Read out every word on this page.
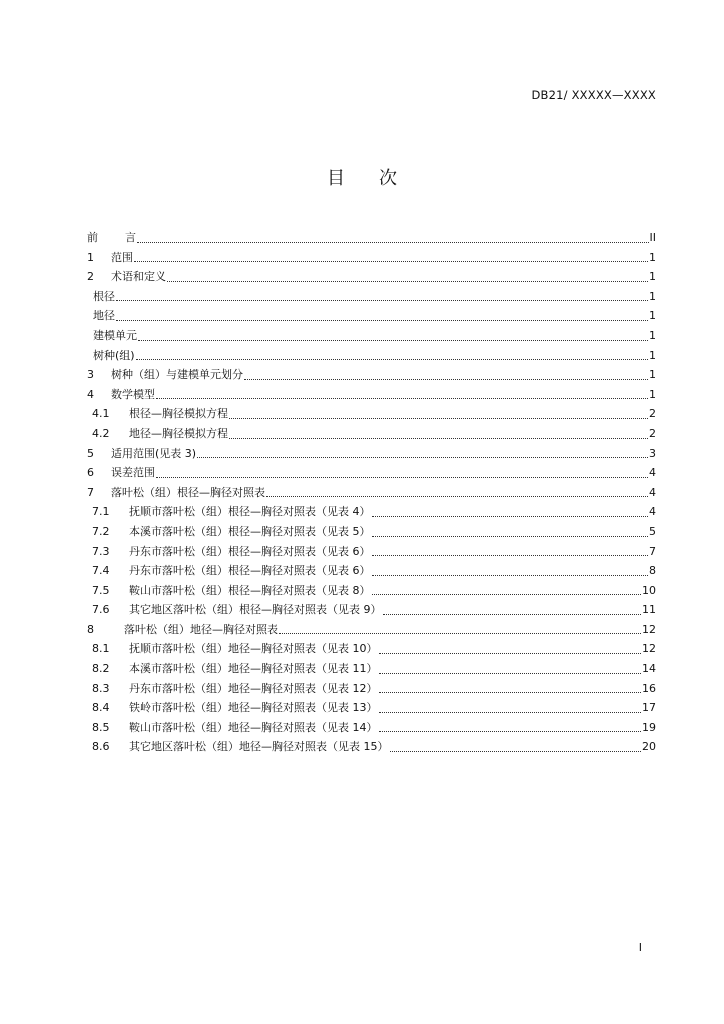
DB21/ XXXXX—XXXX
目 次
前	言	II
1	范围	1
2	术语和定义	1
根径	1
地径	1
建模单元	1
树种(组)	1
3	树种（组）与建模单元划分	1
4	数学模型	1
4.1	根径—胸径模拟方程	2
4.2	地径—胸径模拟方程	2
5	适用范围(见表 3)	3
6	误差范围	4
7	落叶松（组）根径—胸径对照表	4
7.1	抚顺市落叶松（组）根径—胸径对照表（见表 4）	4
7.2	本溪市落叶松（组）根径—胸径对照表（见表 5）	5
7.3	丹东市落叶松（组）根径—胸径对照表（见表 6）	7
7.4	丹东市落叶松（组）根径—胸径对照表（见表 6）	8
7.5	鞍山市落叶松（组）根径—胸径对照表（见表 8）	10
7.6	其它地区落叶松（组）根径—胸径对照表（见表 9）	11
8	落叶松（组）地径—胸径对照表	12
8.1	抚顺市落叶松（组）地径—胸径对照表（见表 10）	12
8.2	本溪市落叶松（组）地径—胸径对照表（见表 11）	14
8.3	丹东市落叶松（组）地径—胸径对照表（见表 12）	16
8.4	铁岭市落叶松（组）地径—胸径对照表（见表 13）	17
8.5	鞍山市落叶松（组）地径—胸径对照表（见表 14）	19
8.6	其它地区落叶松（组）地径—胸径对照表（见表 15）	20
I
